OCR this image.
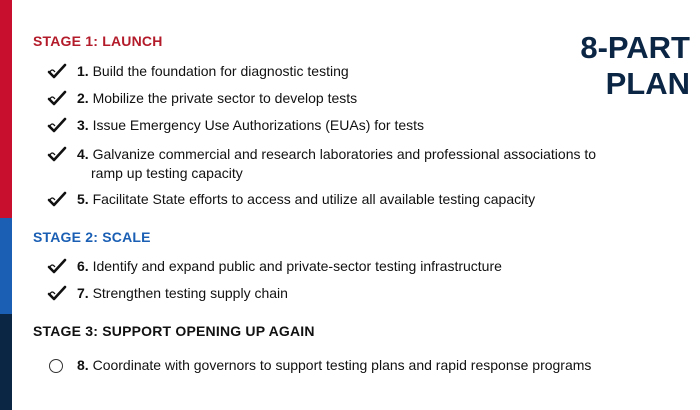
8-PART
PLAN
STAGE 1: LAUNCH
1. Build the foundation for diagnostic testing
2. Mobilize the private sector to develop tests
3. Issue Emergency Use Authorizations (EUAs) for tests
4. Galvanize commercial and research laboratories and professional associations to
ramp up testing capacity
5. Facilitate State efforts to access and utilize all available testing capacity
STAGE 2: SCALE
6. Identify and expand public and private-sector testing infrastructure
7. Strengthen testing supply chain
STAGE 3: SUPPORT OPENING UP AGAIN
8. Coordinate with governors to support testing plans and rapid response programs
